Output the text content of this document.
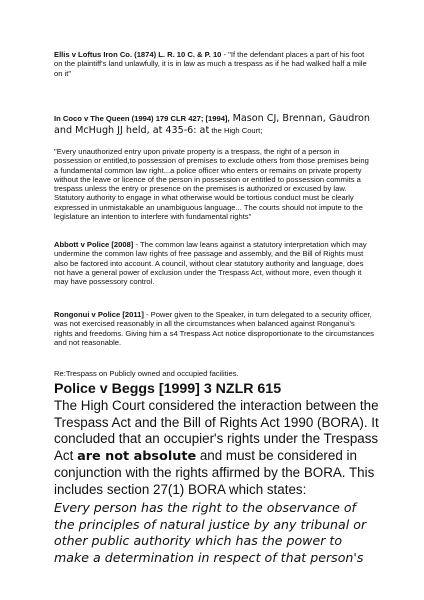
Ellis v Loftus Iron Co. (1874) L. R. 10 C. & P. 10 - "If the defendant places a part of his foot on the plaintiff's land unlawfully, it is in law as much a trespass as if he had walked half a mile on it"

In Coco v The Queen (1994) 179 CLR 427; [1994], Mason CJ, Brennan, Gaudron and McHugh JJ held, at 435-6: at the High Court;

"Every unauthorized entry upon private property is a trespass, the right of a person in possession or entitled,to possession of premises to exclude others from those premises being a fundamental common law right...a police officer who enters or remains on private property without the leave or licence of the person in possession or entitled to possession commits a trespass unless the entry or presence on the premises is authorized or excused by law. Statutory authority to engage in what otherwise would be tortious conduct must be clearly expressed in unmistakable an unambiguous language... The courts should not impute to the legislature an intention to interfere with fundamental rights"

Abbott v Police [2008] - The common law leans against a statutory interpretation which may undermine the common law rights of free passage and assembly, and the Bill of Rights must also be factored into account. A council, without clear statutory authority and language, does not have a general power of exclusion under the Trespass Act, without more, even though it may have possessory control.

Rongonui v Police [2011] - Power given to the Speaker, in turn delegated to a security officer, was not exercised reasonably in all the circumstances when balanced against Ronganui's rights and freedoms. Giving him a s4 Trespass Act notice disproportionate to the circumstances and not reasonable.

Re:Trespass on Publicly owned and occupied facilities.

Police v Beggs [1999] 3 NZLR 615

The High Court considered the interaction between the Trespass Act and the Bill of Rights Act 1990 (BORA). It concluded that an occupier's rights under the Trespass Act are not absolute and must be considered in conjunction with the rights affirmed by the BORA. This includes section 27(1) BORA which states:

Every person has the right to the observance of the principles of natural justice by any tribunal or other public authority which has the power to make a determination in respect of that person's
